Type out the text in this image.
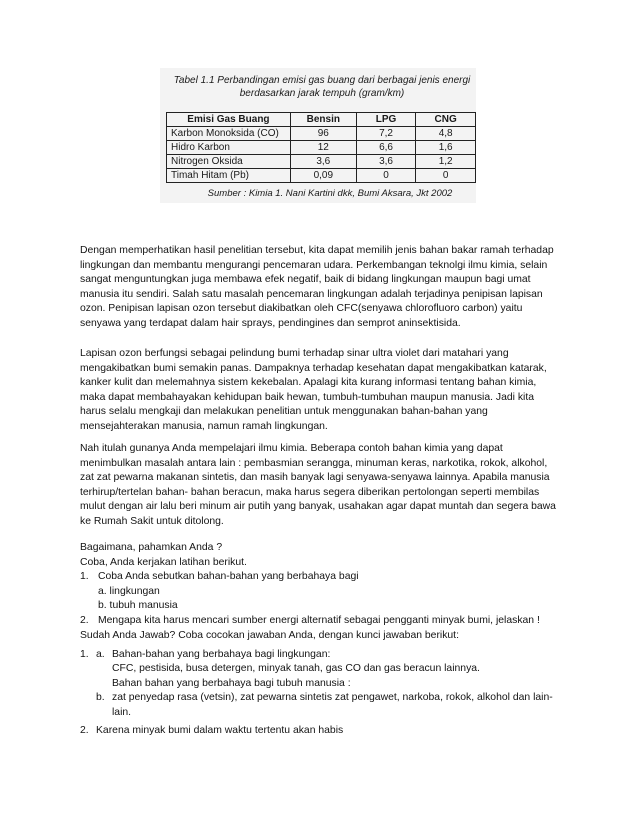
Tabel 1.1 Perbandingan emisi gas buang dari berbagai jenis energi
berdasarkan jarak tempuh (gram/km)
Emisi Gas Buang	Bensin	LPG	CNG
Karbon Monoksida (CO)	96	7,2	4,8
Hidro Karbon	12	6,6	1,6
Nitrogen Oksida	3,6	3,6	1,2
Timah Hitam (Pb)	0,09	0	0
Sumber : Kimia 1. Nani Kartini dkk, Bumi Aksara, Jkt 2002
Dengan memperhatikan hasil penelitian tersebut, kita dapat memilih jenis bahan bakar ramah terhadap
lingkungan dan membantu mengurangi pencemaran udara. Perkembangan teknolgi ilmu kimia, selain
sangat menguntungkan juga membawa efek negatif, baik di bidang lingkungan maupun bagi umat
manusia itu sendiri. Salah satu masalah pencemaran lingkungan adalah terjadinya penipisan lapisan
ozon. Penipisan lapisan ozon tersebut diakibatkan oleh CFC(senyawa chlorofluoro carbon) yaitu
senyawa yang terdapat dalam hair sprays, pendingines dan semprot aninsektisida.
Lapisan ozon berfungsi sebagai pelindung bumi terhadap sinar ultra violet dari matahari yang
mengakibatkan bumi semakin panas. Dampaknya terhadap kesehatan dapat mengakibatkan katarak,
kanker kulit dan melemahnya sistem kekebalan. Apalagi kita kurang informasi tentang bahan kimia,
maka dapat membahayakan kehidupan baik hewan, tumbuh-tumbuhan maupun manusia. Jadi kita
harus selalu mengkaji dan melakukan penelitian untuk menggunakan bahan-bahan yang
mensejahterakan manusia, namun ramah lingkungan.
Nah itulah gunanya Anda mempelajari ilmu kimia. Beberapa contoh bahan kimia yang dapat
menimbulkan masalah antara lain : pembasmian serangga, minuman keras, narkotika, rokok, alkohol,
zat zat pewarna makanan sintetis, dan masih banyak lagi senyawa-senyawa lainnya. Apabila manusia
terhirup/tertelan bahan- bahan beracun, maka harus segera diberikan pertolongan seperti membilas
mulut dengan air lalu beri minum air putih yang banyak, usahakan agar dapat muntah dan segera bawa
ke Rumah Sakit untuk ditolong.
Bagaimana, pahamkan Anda ?
Coba, Anda kerjakan latihan berikut.
1. Coba Anda sebutkan bahan-bahan yang berbahaya bagi
a. lingkungan
b. tubuh manusia
2. Mengapa kita harus mencari sumber energi alternatif sebagai pengganti minyak bumi, jelaskan !
Sudah Anda Jawab? Coba cocokan jawaban Anda, dengan kunci jawaban berikut:
1. a. Bahan-bahan yang berbahaya bagi lingkungan:
CFC, pestisida, busa detergen, minyak tanah, gas CO dan gas beracun lainnya.
Bahan bahan yang berbahaya bagi tubuh manusia :
b. zat penyedap rasa (vetsin), zat pewarna sintetis zat pengawet, narkoba, rokok, alkohol dan lain-
lain.
2. Karena minyak bumi dalam waktu tertentu akan habis
